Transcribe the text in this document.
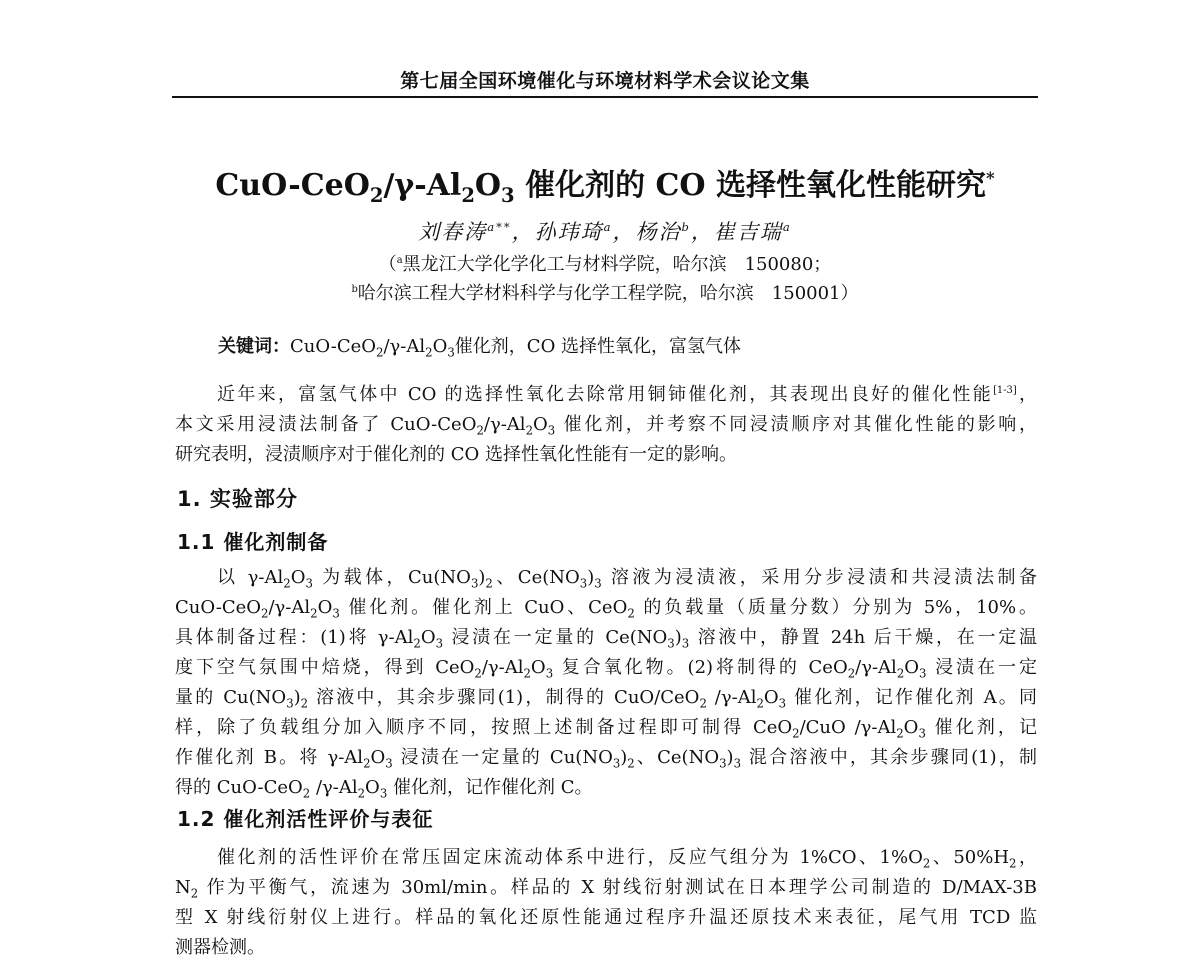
第七届全国环境催化与环境材料学术会议论文集
CuO-$CeO_2/\gamma-Al_2O_3$ 催化剂的 CO 选择性氧化性能研究*
刘春涛$^{a**}$，孙玮琦$^a$，杨治$^b$，崔吉瑞$^a$
（$^a$黑龙江大学化学化工与材料学院，哈尔滨　150080；
$^b$哈尔滨工程大学材料科学与化学工程学院，哈尔滨　150001）
关键词：CuO-$CeO_2/\gamma-Al_2O_3$催化剂，CO 选择性氧化，富氢气体
近年来，富氢气体中 CO 的选择性氧化去除常用铜铈催化剂，其表现出良好的催化性能[1-3]，
本文采用浸渍法制备了 CuO-$CeO_2/\gamma-Al_2O_3$ 催化剂，并考察不同浸渍顺序对其催化性能的影响，
研究表明，浸渍顺序对于催化剂的 CO 选择性氧化性能有一定的影响。
1. 实验部分
1.1 催化剂制备
以 $\gamma-Al_2O_3$ 为载体，$Cu(NO_3)_2$、$Ce(NO_3)_3$ 溶液为浸渍液，采用分步浸渍和共浸渍法制备
CuO-$CeO_2/\gamma-Al_2O_3$ 催化剂。催化剂上 CuO、CeO$_2$ 的负载量（质量分数）分别为 5%，10%。
具体制备过程：(1)将 $\gamma-Al_2O_3$ 浸渍在一定量的 $Ce(NO_3)_3$ 溶液中，静置 24h 后干燥，在一定温
度下空气氛围中焙烧，得到 $CeO_2/\gamma-Al_2O_3$ 复合氧化物。(2)将制得的 $CeO_2/\gamma-Al_2O_3$ 浸渍在一定
量的 $Cu(NO_3)_2$ 溶液中，其余步骤同(1)，制得的 CuO/CeO$_2$ $/\gamma-Al_2O_3$ 催化剂，记作催化剂 A。同
样，除了负载组分加入顺序不同，按照上述制备过程即可制得 CeO$_2$/CuO $/\gamma-Al_2O_3$ 催化剂，记
作催化剂 B。将 $\gamma-Al_2O_3$ 浸渍在一定量的 $Cu(NO_3)_2$、$Ce(NO_3)_3$ 混合溶液中，其余步骤同(1)，制
得的 CuO-CeO$_2$ $/\gamma-Al_2O_3$ 催化剂，记作催化剂 C。
1.2 催化剂活性评价与表征
催化剂的活性评价在常压固定床流动体系中进行，反应气组分为 1%CO、$1\%O_2$、$50\%H_2$，
$N_2$ 作为平衡气，流速为 30ml/min。样品的 X 射线衍射测试在日本理学公司制造的 D/MAX-3B
型 X 射线衍射仪上进行。样品的氧化还原性能通过程序升温还原技术来表征，尾气用 TCD 监
测器检测。
